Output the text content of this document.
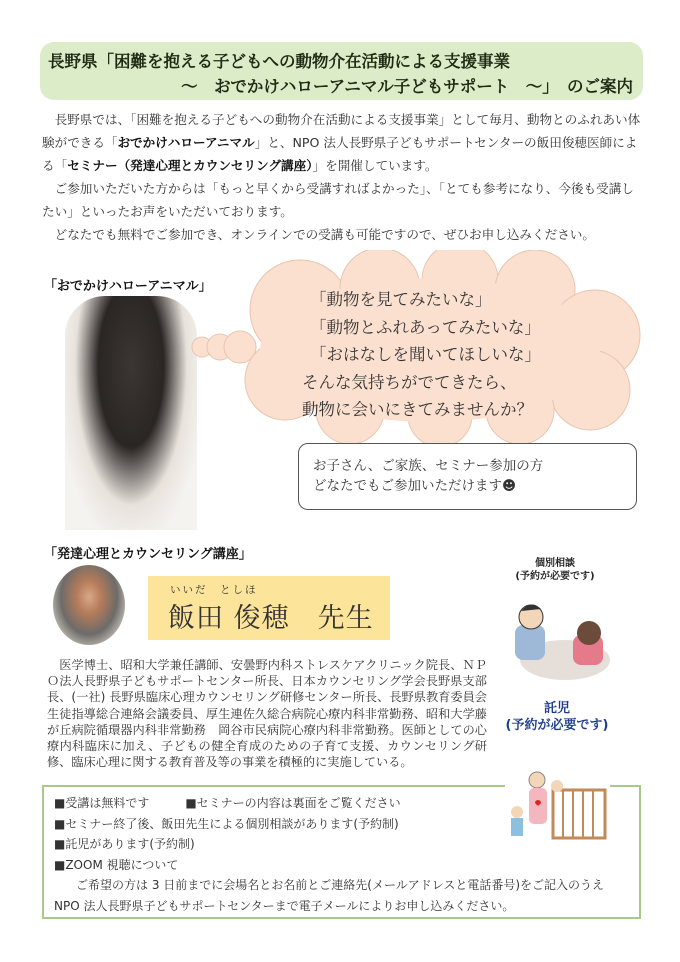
長野県「困難を抱える子どもへの動物介在活動による支援事業
～　おでかけハローアニマル子どもサポート　～」　のご案内

長野県では、「困難を抱える子どもへの動物介在活動による支援事業」として毎月、動物とのふれあい体験ができる「おでかけハローアニマル」と、NPO 法人長野県子どもサポートセンターの飯田俊穂医師による「セミナー（発達心理とカウンセリング講座）」を開催しています。

ご参加いただいた方からは「もっと早くから受講すればよかった」、「とても参考になり、今後も受講したい」といったお声をいただいております。

どなたでも無料でご参加でき、オンラインでの受講も可能ですので、ぜひお申し込みください。

「おでかけハローアニマル」
「動物を見てみたいな」
「動物とふれあってみたいな」
「おはなしを聞いてほしいな」
そんな気持ちがでてきたら、
動物に会いにきてみませんか？
お子さん、ご家族、セミナー参加の方
どなたでもご参加いただけます☻
「発達心理とカウンセリング講座」
いいだ　としほ
飯田 俊穂　先生
医学博士、昭和大学兼任講師、安曇野内科ストレスケアクリニック院長、ＮＰＯ法人長野県子どもサポートセンター所長、日本カウンセリング学会長野県支部長、(一社) 長野県臨床心理カウンセリング研修センター所長、長野県教育委員会生徒指導総合連絡会議委員、厚生連佐久総合病院心療内科非常勤務、昭和大学藤が丘病院循環器内科非常勤務　岡谷市民病院心療内科非常勤務。医師としての心療内科臨床に加え、子どもの健全育成のための子育て支援、カウンセリング研修、臨床心理に関する教育普及等の事業を積極的に実施している。
個別相談
(予約が必要です)
託児
(予約が必要です)
■受講は無料です	■セミナーの内容は裏面をご覧ください
■セミナー終了後、飯田先生による個別相談があります(予約制)
■託児があります(予約制)
■ZOOM 視聴について
ご希望の方は 3 日前までに会場名とお名前とご連絡先(メールアドレスと電話番号)をご記入のうえ
NPO 法人長野県子どもサポートセンターまで電子メールによりお申し込みください。
